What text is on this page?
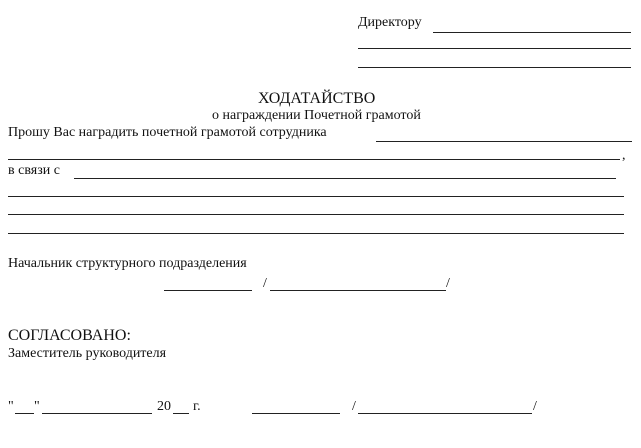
Директору
ХОДАТАЙСТВО
о награждении Почетной грамотой
Прошу Вас наградить почетной грамотой сотрудника
,
в связи с
Начальник структурного подразделения
/	/
СОГЛАСОВАНО:
Заместитель руководителя
" "	20 г.	/	/
